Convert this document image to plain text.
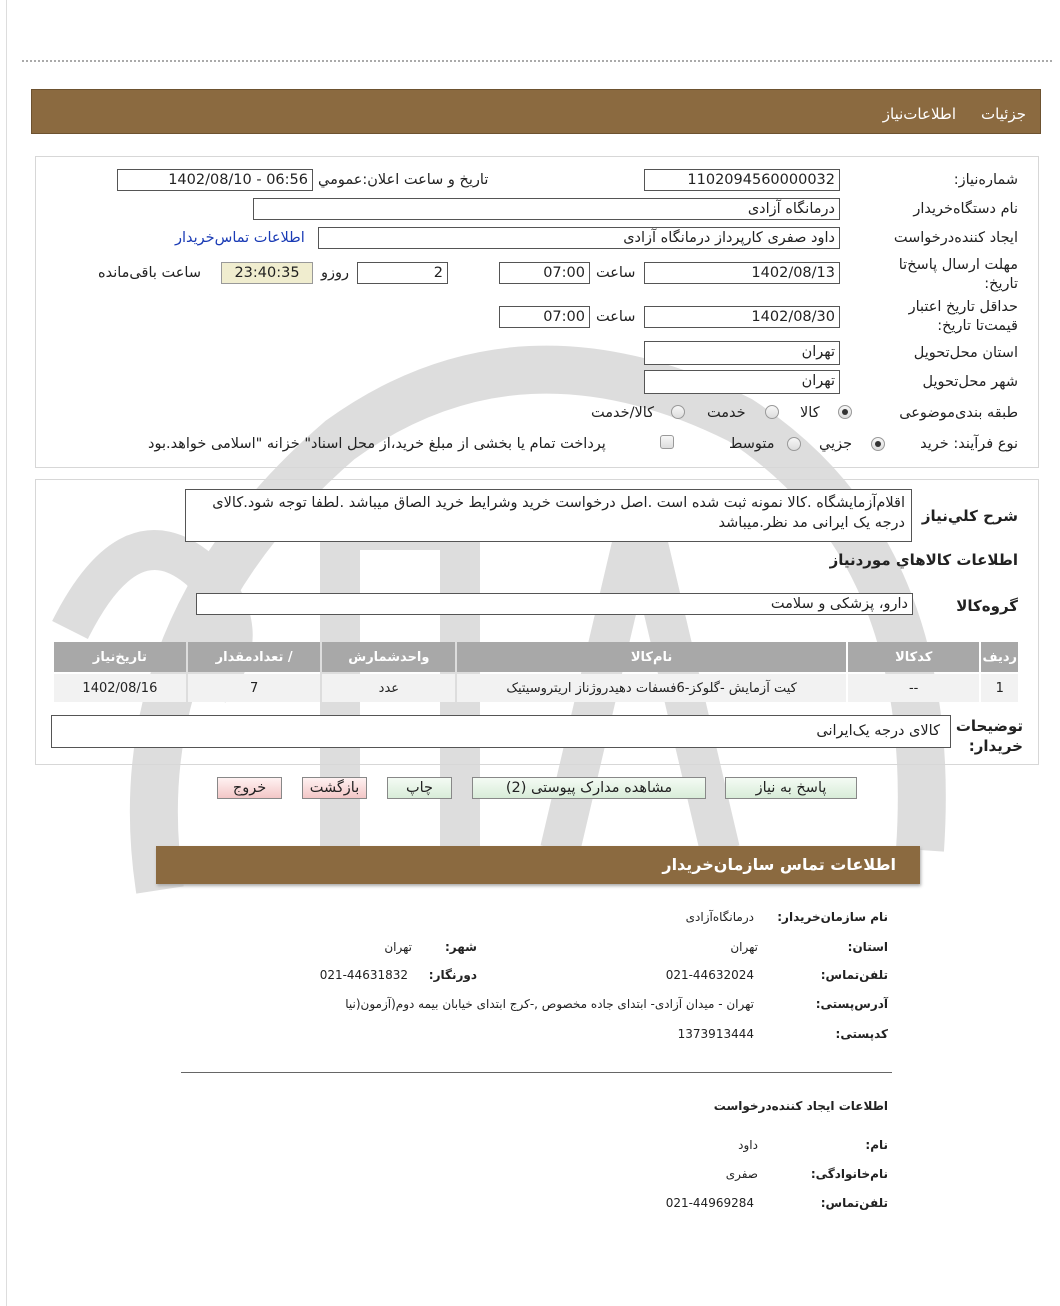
جزئیات
اطلاعات‌نیاز
شماره‌نیاز:
1102094560000032
تاریخ و ساعت اعلان:عمومي
1402/08/10 - 06:56
نام دستگاه‌خریدار
درمانگاه آزادی
ایجاد کننده‌درخواست
داود صفری کارپرداز درمانگاه آزادی
اطلاعات تماس‌خریدار
مهلت ارسال پاسخ‌تا تاریخ:
1402/08/13
ساعت
07:00
2
روزو
23:40:35
ساعت باقی‌مانده
حداقل تاریخ اعتبار قیمت‌تا تاریخ:
1402/08/30
ساعت
07:00
استان محل‌تحویل
تهران
شهر محل‌تحویل
تهران
طبقه بندی‌موضوعی
کالا
خدمت
کالا/خدمت
نوع فرآیند: خرید
جزیي
متوسط
پرداخت تمام یا بخشی از مبلغ خرید،از محل اسناد" خزانه "اسلامی خواهد.بود
شرح کلي‌نیاز
اقلام‌آزمایشگاه .کالا نمونه ثبت شده است .اصل درخواست خرید وشرایط خرید الصاق میباشد .لطفا توجه شود.کالای درجه یک ایرانی مد نظر.میباشد
اطلاعات کالاهاي موردنیاز
گروه‌کالا
دارو، پزشکی و سلامت
ردیف	کدکالا	نام‌کالا	واحدشمارش	/ تعدادمقدار	تاریخ‌نیاز
1	--	کیت آزمایش -گلوکز-6فسفات دهیدروژناز اریتروسیتیک	عدد	7	1402/08/16
توضیحات خریدار:
کالای درجه یک‌ایرانی
پاسخ به نیاز
مشاهده مدارک پیوستی (2)
چاپ
بازگشت
خروج
اطلاعات تماس سازمان‌خریدار
نام سازمان‌خریدار:
درمانگاه‌آزادی
استان:
تهران
شهر:
تهران
تلفن‌تماس:
021-44632024
دورنگار:
021-44631832
آدرس‌پستی:
تهران - میدان آزادی- ابتدای جاده مخصوص ,-کرج ابتدای خیابان بیمه دوم(آزمون(نیا
کدپستی:
1373913444
اطلاعات ایجاد کننده‌درخواست
نام:
داود
نام‌خانوادگی:
صفری
تلفن‌تماس:
021-44969284
